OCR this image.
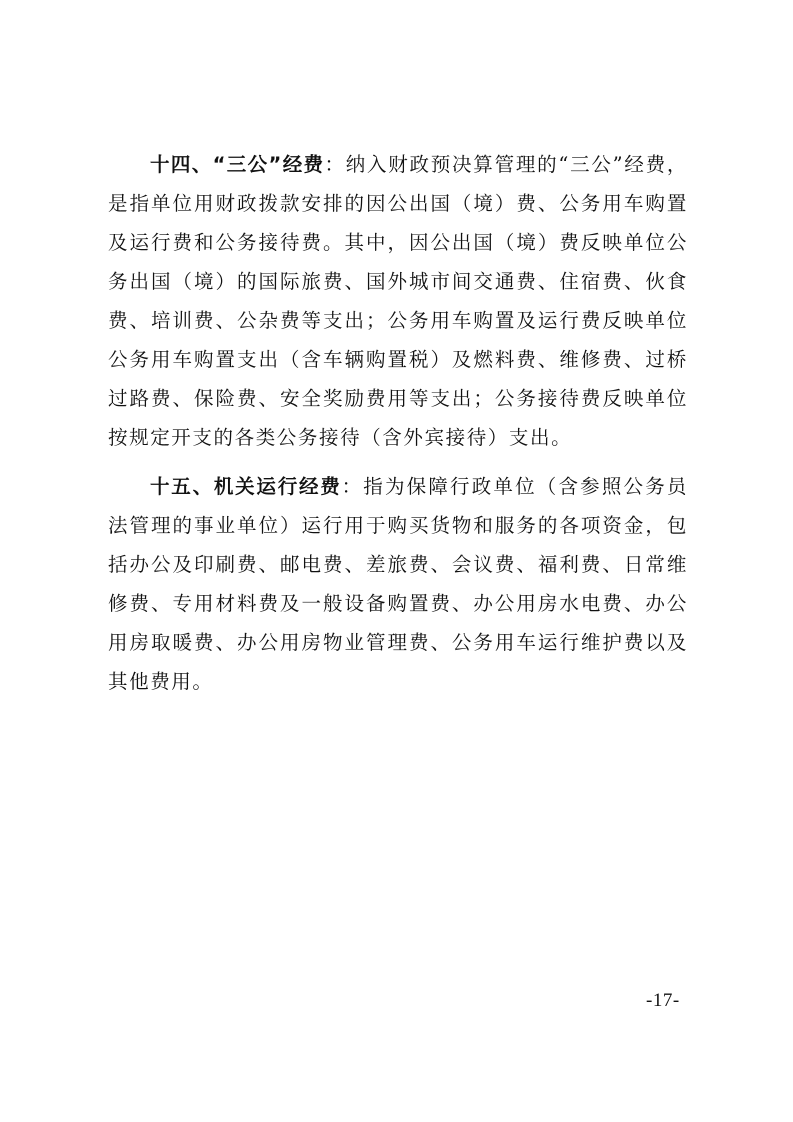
十四、“三公”经费：纳入财政预决算管理的“三公”经费，是指单位用财政拨款安排的因公出国（境）费、公务用车购置及运行费和公务接待费。其中，因公出国（境）费反映单位公务出国（境）的国际旅费、国外城市间交通费、住宿费、伙食费、培训费、公杂费等支出；公务用车购置及运行费反映单位公务用车购置支出（含车辆购置税）及燃料费、维修费、过桥过路费、保险费、安全奖励费用等支出；公务接待费反映单位按规定开支的各类公务接待（含外宾接待）支出。

十五、机关运行经费：指为保障行政单位（含参照公务员法管理的事业单位）运行用于购买货物和服务的各项资金，包括办公及印刷费、邮电费、差旅费、会议费、福利费、日常维修费、专用材料费及一般设备购置费、办公用房水电费、办公用房取暖费、办公用房物业管理费、公务用车运行维护费以及其他费用。

-17-
